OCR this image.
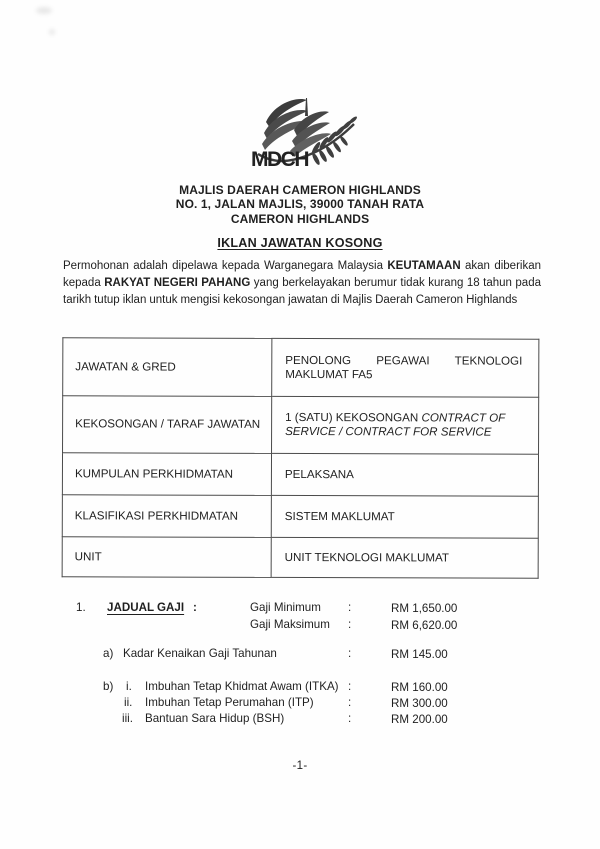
MDCH
MAJLIS DAERAH CAMERON HIGHLANDS
NO. 1, JALAN MAJLIS, 39000 TANAH RATA
CAMERON HIGHLANDS
IKLAN JAWATAN KOSONG

Permohonan adalah dipelawa kepada Warganegara Malaysia KEUTAMAAN akan diberikan kepada RAKYAT NEGERI PAHANG yang berkelayakan berumur tidak kurang 18 tahun pada tarikh tutup iklan untuk mengisi kekosongan jawatan di Majlis Daerah Cameron Highlands

JAWATAN & GRED	PENOLONG PEGAWAI TEKNOLOGI MAKLUMAT FA5
KEKOSONGAN / TARAF JAWATAN	1 (SATU) KEKOSONGAN CONTRACT OF SERVICE / CONTRACT FOR SERVICE
KUMPULAN PERKHIDMATAN	PELAKSANA
KLASIFIKASI PERKHIDMATAN	SISTEM MAKLUMAT
UNIT	UNIT TEKNOLOGI MAKLUMAT
1. JADUAL GAJI :	Gaji Minimum :	RM 1,650.00
Gaji Maksimum :	RM 6,620.00
a) Kadar Kenaikan Gaji Tahunan	:	RM 145.00
b) i. Imbuhan Tetap Khidmat Awam (ITKA) :	RM 160.00
ii. Imbuhan Tetap Perumahan (ITP)	:	RM 300.00
iii. Bantuan Sara Hidup (BSH)	:	RM 200.00
-1-
